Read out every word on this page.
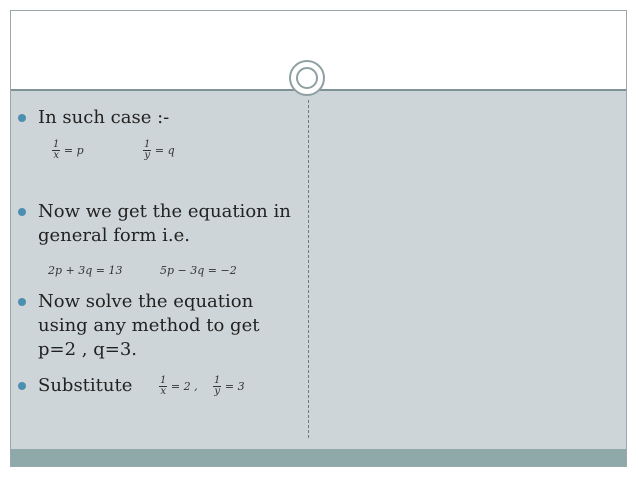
In such case :-
$\frac{1}{x} = p$	$\frac{1}{y} = q$
Now we get the equation in general form i.e.
2p + 3q = 13	5p − 3q = −2
Now solve the equation using any method to get p=2 , q=3.
Substitute	$\frac{1}{x} = 2$ , $\frac{1}{y} = 3$
